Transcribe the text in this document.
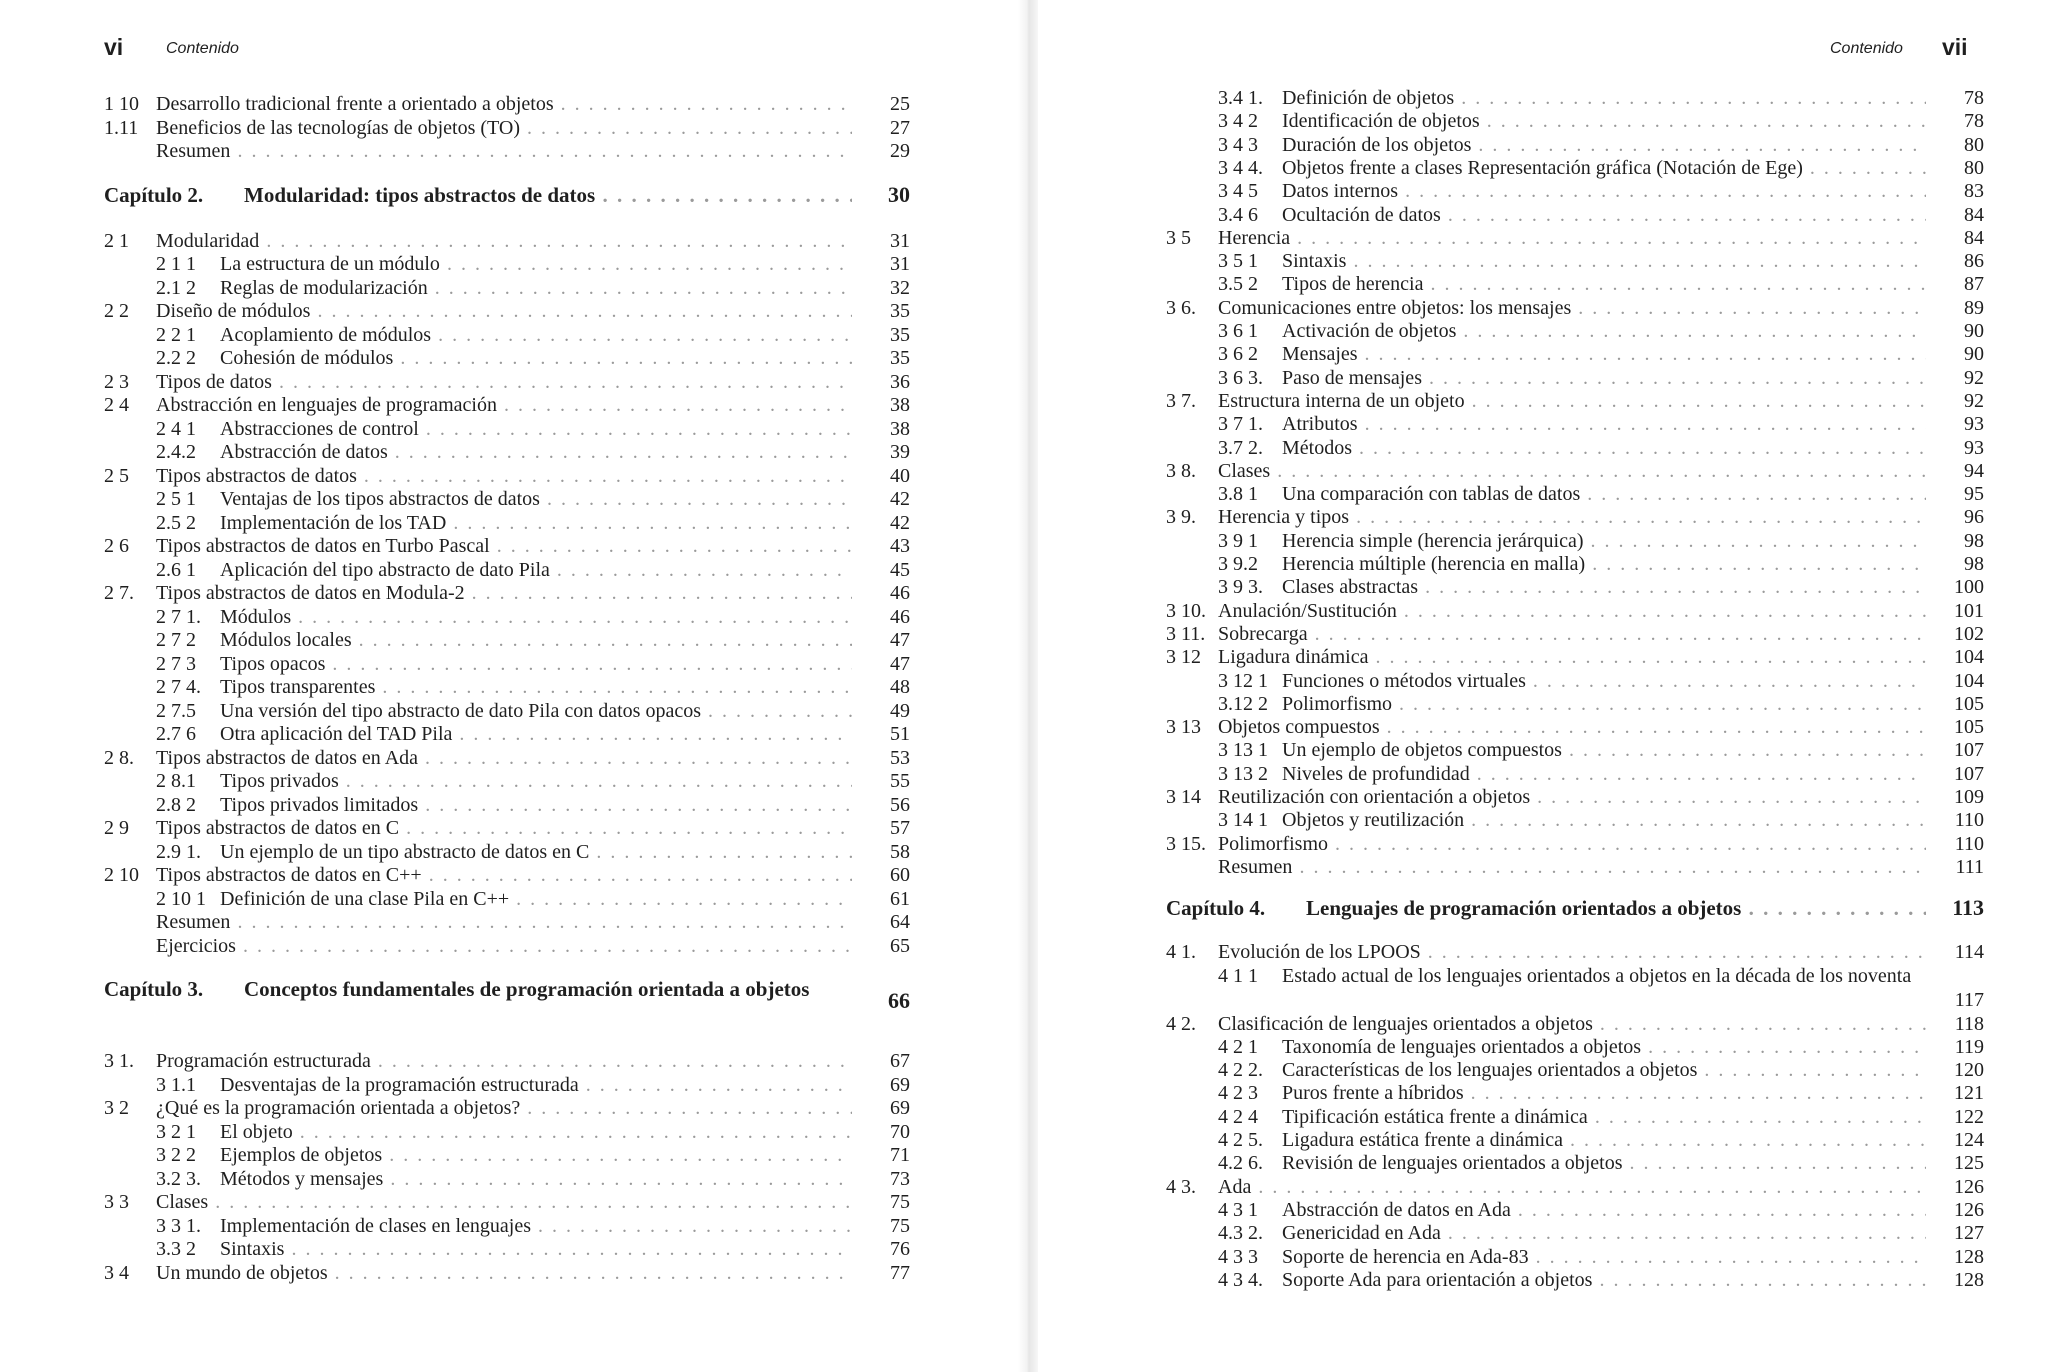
vi	Contenido
1 10 Desarrollo tradicional frente a orientado a objetos . . .	25
1.11 Beneficios de las tecnologías de objetos (TO) . . .	27
Resumen . . .	29
Capítulo 2. Modularidad: tipos abstractos de datos . . .	30
2 1 Modularidad . . .	31
2 1 1 La estructura de un módulo . . .	31
2.1 2 Reglas de modularización . . .	32
2 2 Diseño de módulos . . .	35
2 2 1 Acoplamiento de módulos . . .	35
2.2 2 Cohesión de módulos . . .	35
2 3 Tipos de datos . . .	36
2 4 Abstracción en lenguajes de programación . . .	38
2 4 1 Abstracciones de control . . .	38
2.4.2 Abstracción de datos . . .	39
2 5 Tipos abstractos de datos . . .	40
2 5 1 Ventajas de los tipos abstractos de datos . . .	42
2.5 2 Implementación de los TAD . . .	42
2 6 Tipos abstractos de datos en Turbo Pascal . . .	43
2.6 1 Aplicación del tipo abstracto de dato Pila . . .	45
2 7. Tipos abstractos de datos en Modula-2 . . .	46
2 7 1. Módulos . . .	46
2 7 2 Módulos locales . . .	47
2 7 3 Tipos opacos . . .	47
2 7 4. Tipos transparentes . . .	48
2 7.5 Una versión del tipo abstracto de dato Pila con datos opacos . . .	49
2.7 6 Otra aplicación del TAD Pila . . .	51
2 8. Tipos abstractos de datos en Ada . . .	53
2 8.1 Tipos privados . . .	55
2.8 2 Tipos privados limitados . . .	56
2 9 Tipos abstractos de datos en C . . .	57
2.9 1. Un ejemplo de un tipo abstracto de datos en C . . .	58
2 10 Tipos abstractos de datos en C++ . . .	60
2 10 1 Definición de una clase Pila en C++ . . .	61
Resumen . . .	64
Ejercicios . . .	65
Capítulo 3. Conceptos fundamentales de programación orientada a objetos	66
3 1. Programación estructurada . . .	67
3 1.1 Desventajas de la programación estructurada . . .	69
3 2 ¿Qué es la programación orientada a objetos? . . .	69
3 2 1 El objeto . . .	70
3 2 2 Ejemplos de objetos . . .	71
3.2 3. Métodos y mensajes . . .	73
3 3 Clases . . .	75
3 3 1. Implementación de clases en lenguajes . . .	75
3.3 2 Sintaxis . . .	76
3 4 Un mundo de objetos . . .	77
Contenido vii
3.4 1. Definición de objetos . . .	78
3 4 2 Identificación de objetos . . .	78
3 4 3 Duración de los objetos . . .	80
3 4 4. Objetos frente a clases Representación gráfica (Notación de Ege) . . .	80
3 4 5 Datos internos . . .	83
3.4 6 Ocultación de datos . . .	84
3 5 Herencia . . .	84
3 5 1 Sintaxis . . .	86
3.5 2 Tipos de herencia . . .	87
3 6. Comunicaciones entre objetos: los mensajes . . .	89
3 6 1 Activación de objetos . . .	90
3 6 2 Mensajes . . .	90
3 6 3. Paso de mensajes . . .	92
3 7. Estructura interna de un objeto . . .	92
3 7 1. Atributos . . .	93
3.7 2. Métodos . . .	93
3 8. Clases . . .	94
3.8 1 Una comparación con tablas de datos . . .	95
3 9. Herencia y tipos . . .	96
3 9 1 Herencia simple (herencia jerárquica) . . .	98
3 9.2 Herencia múltiple (herencia en malla) . . .	98
3 9 3. Clases abstractas . . .	100
3 10. Anulación/Sustitución . . .	101
3 11. Sobrecarga . . .	102
3 12 Ligadura dinámica . . .	104
3 12 1 Funciones o métodos virtuales . . .	104
3.12 2 Polimorfismo . . .	105
3 13 Objetos compuestos . . .	105
3 13 1 Un ejemplo de objetos compuestos . . .	107
3 13 2 Niveles de profundidad . . .	107
3 14 Reutilización con orientación a objetos . . .	109
3 14 1 Objetos y reutilización . . .	110
3 15. Polimorfismo . . .	110
Resumen . . .	111
Capítulo 4. Lenguajes de programación orientados a objetos . . .	113
4 1. Evolución de los LPOOS . . .	114
4 1 1 Estado actual de los lenguajes orientados a objetos en la década de los noventa
117
4 2. Clasificación de lenguajes orientados a objetos . . .	118
4 2 1 Taxonomía de lenguajes orientados a objetos . . .	119
4 2 2. Características de los lenguajes orientados a objetos . . .	120
4 2 3 Puros frente a híbridos . . .	121
4 2 4 Tipificación estática frente a dinámica . . .	122
4 2 5. Ligadura estática frente a dinámica . . .	124
4.2 6. Revisión de lenguajes orientados a objetos . . .	125
4 3. Ada . . .	126
4 3 1 Abstracción de datos en Ada . . .	126
4.3 2. Genericidad en Ada . . .	127
4 3 3 Soporte de herencia en Ada-83 . . .	128
4 3 4. Soporte Ada para orientación a objetos . . .	128
